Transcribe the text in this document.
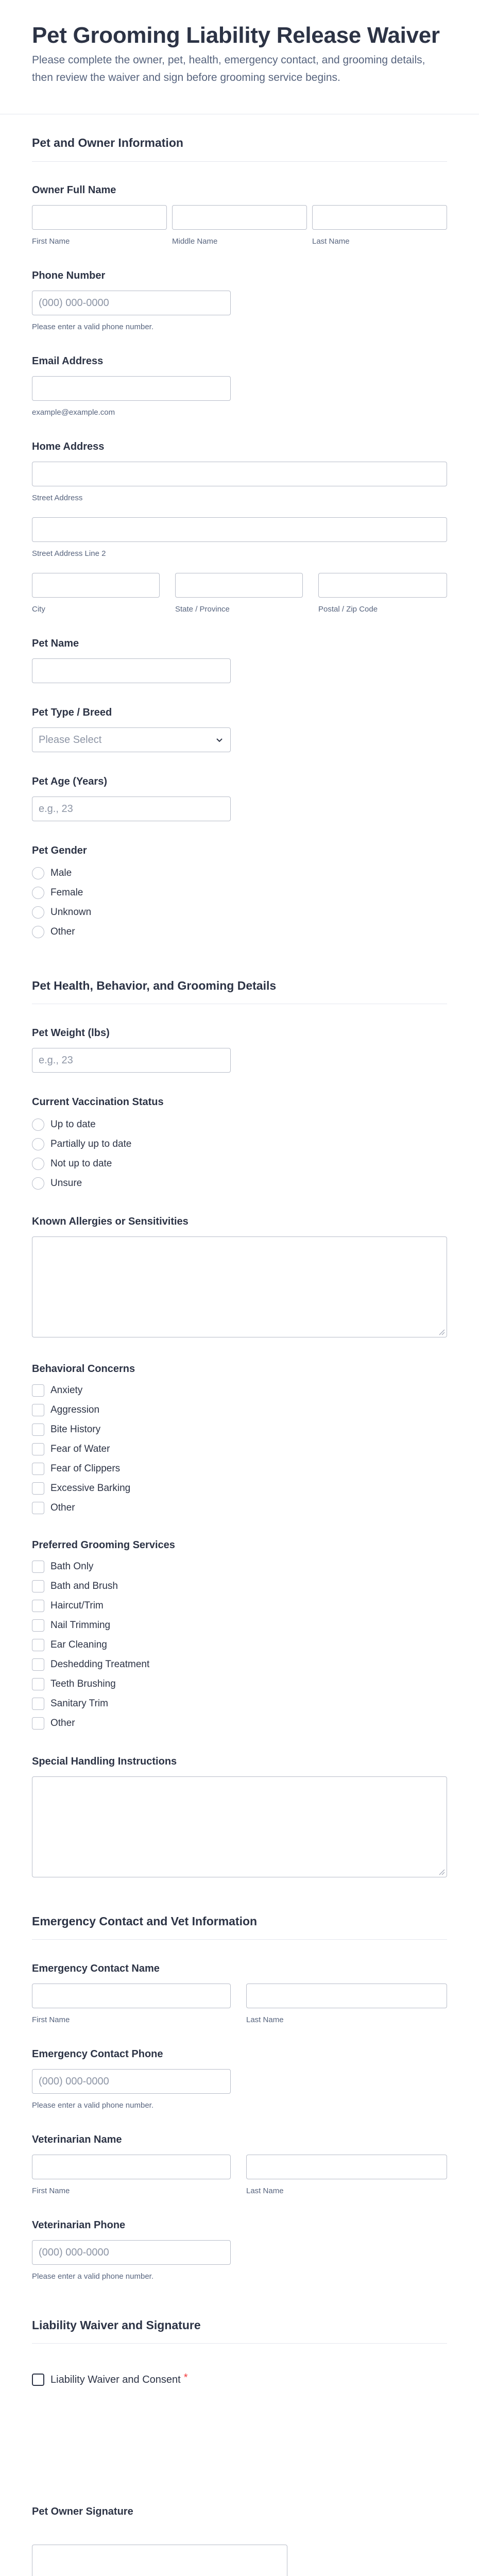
Pet Grooming Liability Release Waiver

Please complete the owner, pet, health, emergency contact, and grooming details, then review the waiver and sign before grooming service begins.

Pet and Owner Information
Owner Full Name
First Name	Middle Name	Last Name
Phone Number
(000) 000-0000
Please enter a valid phone number.
Email Address
example@example.com
Home Address
Street Address
Street Address Line 2
City	State / Province	Postal / Zip Code
Pet Name
Pet Type / Breed
Please Select
Pet Age (Years)
e.g., 23
Pet Gender
Male
Female
Unknown
Other
Pet Health, Behavior, and Grooming Details
Pet Weight (lbs)
e.g., 23
Current Vaccination Status
Up to date
Partially up to date
Not up to date
Unsure
Known Allergies or Sensitivities
Behavioral Concerns
Anxiety
Aggression
Bite History
Fear of Water
Fear of Clippers
Excessive Barking
Other
Preferred Grooming Services
Bath Only
Bath and Brush
Haircut/Trim
Nail Trimming
Ear Cleaning
Deshedding Treatment
Teeth Brushing
Sanitary Trim
Other
Special Handling Instructions
Emergency Contact and Vet Information
Emergency Contact Name
First Name	Last Name
Emergency Contact Phone
(000) 000-0000
Please enter a valid phone number.
Veterinarian Name
First Name	Last Name
Veterinarian Phone
(000) 000-0000
Please enter a valid phone number.
Liability Waiver and Signature
Liability Waiver and Consent *
Pet Owner Signature
